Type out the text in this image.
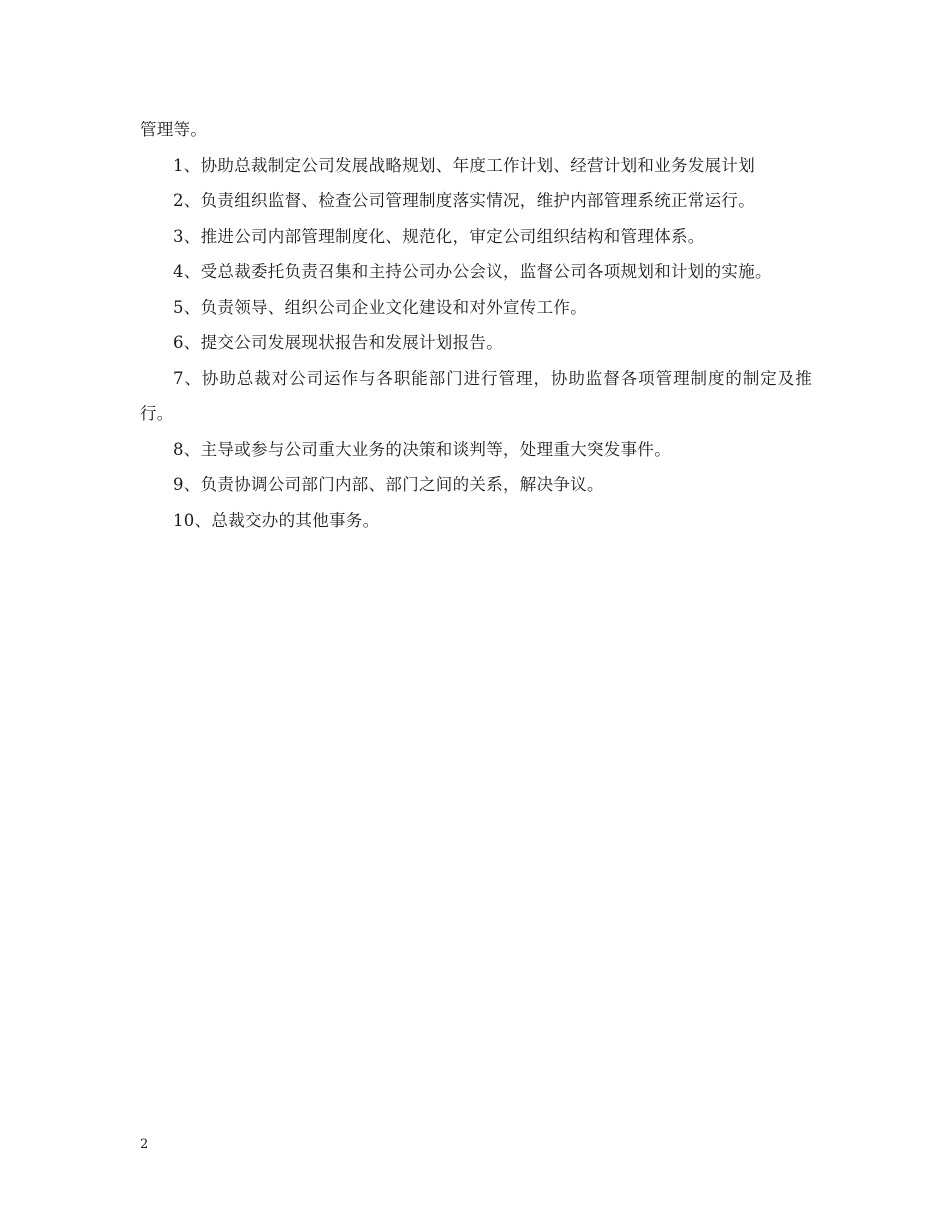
管理等。

1、协助总裁制定公司发展战略规划、年度工作计划、经营计划和业务发展计划

2、负责组织监督、检查公司管理制度落实情况，维护内部管理系统正常运行。

3、推进公司内部管理制度化、规范化，审定公司组织结构和管理体系。

4、受总裁委托负责召集和主持公司办公会议，监督公司各项规划和计划的实施。

5、负责领导、组织公司企业文化建设和对外宣传工作。

6、提交公司发展现状报告和发展计划报告。

7、协助总裁对公司运作与各职能部门进行管理，协助监督各项管理制度的制定及推行。

8、主导或参与公司重大业务的决策和谈判等，处理重大突发事件。

9、负责协调公司部门内部、部门之间的关系，解决争议。

10、总裁交办的其他事务。

2
